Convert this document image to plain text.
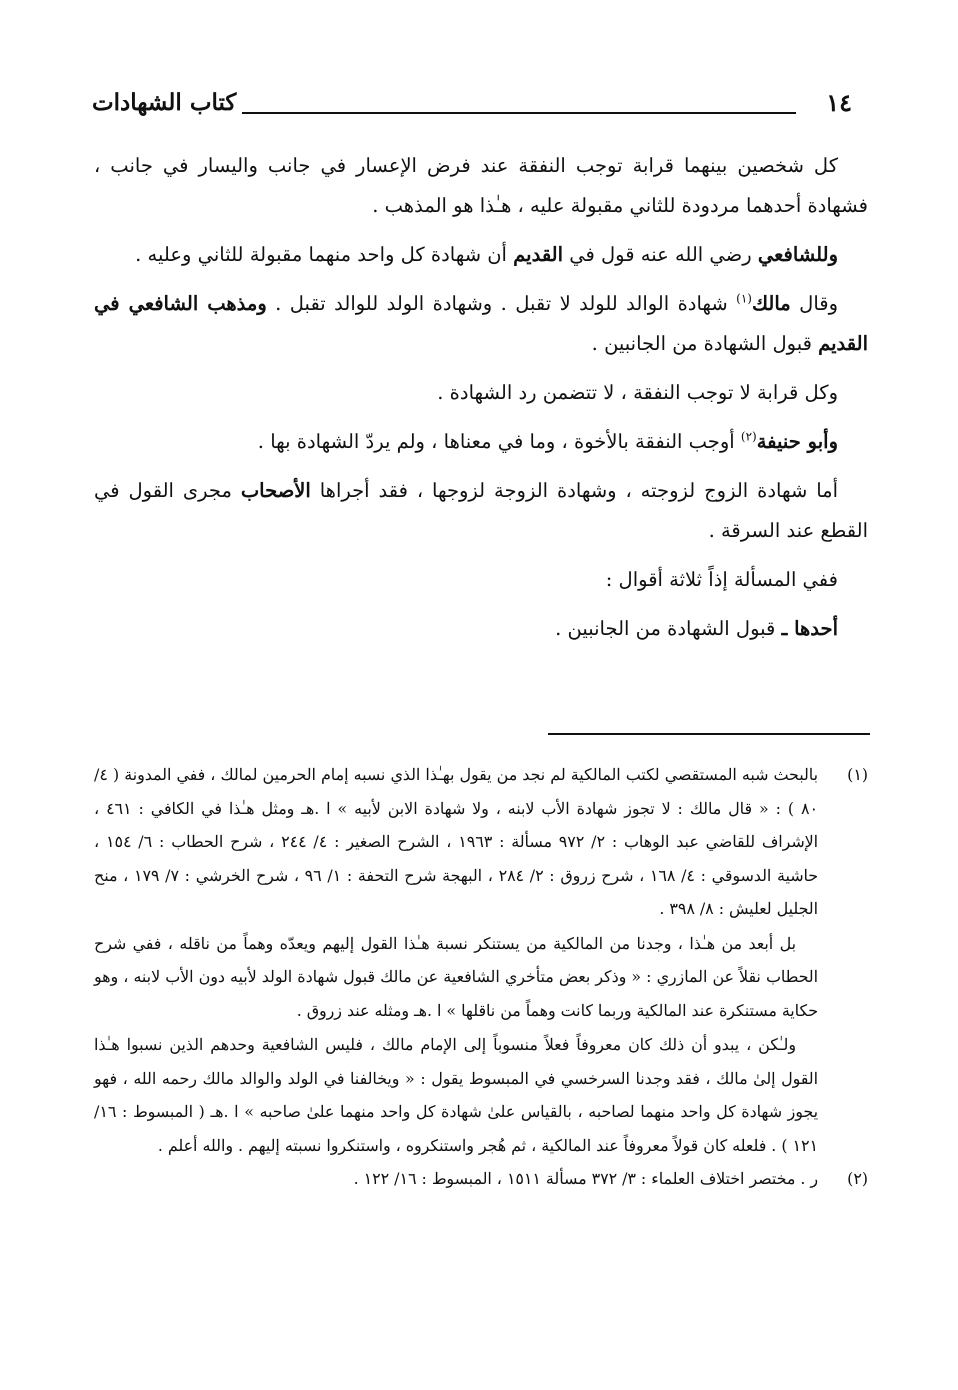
١٤
كتاب الشهادات

كل شخصين بينهما قرابة توجب النفقة عند فرض الإعسار في جانب واليسار في جانب ، فشهادة أحدهما مردودة للثاني مقبولة عليه ، هـٰذا هو المذهب .

وللشافعي رضي الله عنه قول في القديم أن شهادة كل واحد منهما مقبولة للثاني وعليه .

وقال مالك$^{(١)}$ شهادة الوالد للولد لا تقبل . وشهادة الولد للوالد تقبل . ومذهب الشافعي في القديم قبول الشهادة من الجانبين .

وكل قرابة لا توجب النفقة ، لا تتضمن رد الشهادة .

وأبو حنيفة$^{(٢)}$ أوجب النفقة بالأخوة ، وما في معناها ، ولم يردّ الشهادة بها .

أما شهادة الزوج لزوجته ، وشهادة الزوجة لزوجها ، فقد أجراها الأصحاب مجرى القول في القطع عند السرقة .

ففي المسألة إذاً ثلاثة أقوال :

أحدها ـ قبول الشهادة من الجانبين .

(١)

بالبحث شبه المستقصي لكتب المالكية لم نجد من يقول بهـٰذا الذي نسبه إمام الحرمين لمالك ، ففي المدونة ( ٤/ ٨٠ ) : « قال مالك : لا تجوز شهادة الأب لابنه ، ولا شهادة الابن لأبيه » ا .هـ ومثل هـٰذا في الكافي : ٤٦١ ، الإشراف للقاضي عبد الوهاب : ٢/ ٩٧٢ مسألة : ١٩٦٣ ، الشرح الصغير : ٤/ ٢٤٤ ، شرح الحطاب : ٦/ ١٥٤ ، حاشية الدسوقي : ٤/ ١٦٨ ، شرح زروق : ٢/ ٢٨٤ ، البهجة شرح التحفة : ١/ ٩٦ ، شرح الخرشي : ٧/ ١٧٩ ، منح الجليل لعليش : ٨/ ٣٩٨ .

بل أبعد من هـٰذا ، وجدنا من المالكية من يستنكر نسبة هـٰذا القول إليهم ويعدّه وهماً من ناقله ، ففي شرح الحطاب نقلاً عن المازري : « وذكر بعض متأخري الشافعية عن مالك قبول شهادة الولد لأبيه دون الأب لابنه ، وهو حكاية مستنكرة عند المالكية وربما كانت وهماً من ناقلها » ا .هـ ومثله عند زروق .

ولـٰكن ، يبدو أن ذلك كان معروفاً فعلاً منسوباً إلى الإمام مالك ، فليس الشافعية وحدهم الذين نسبوا هـٰذا القول إلىٰ مالك ، فقد وجدنا السرخسي في المبسوط يقول : « ويخالفنا في الولد والوالد مالك رحمه الله ، فهو يجوز شهادة كل واحد منهما لصاحبه ، بالقياس علىٰ شهادة كل واحد منهما علىٰ صاحبه » ا .هـ ( المبسوط : ١٦/ ١٢١ ) . فلعله كان قولاً معروفاً عند المالكية ، ثم هُجر واستنكروه ، واستنكروا نسبته إليهم . والله أعلم .

(٢)

ر . مختصر اختلاف العلماء : ٣/ ٣٧٢ مسألة ١٥١١ ، المبسوط : ١٦/ ١٢٢ .
